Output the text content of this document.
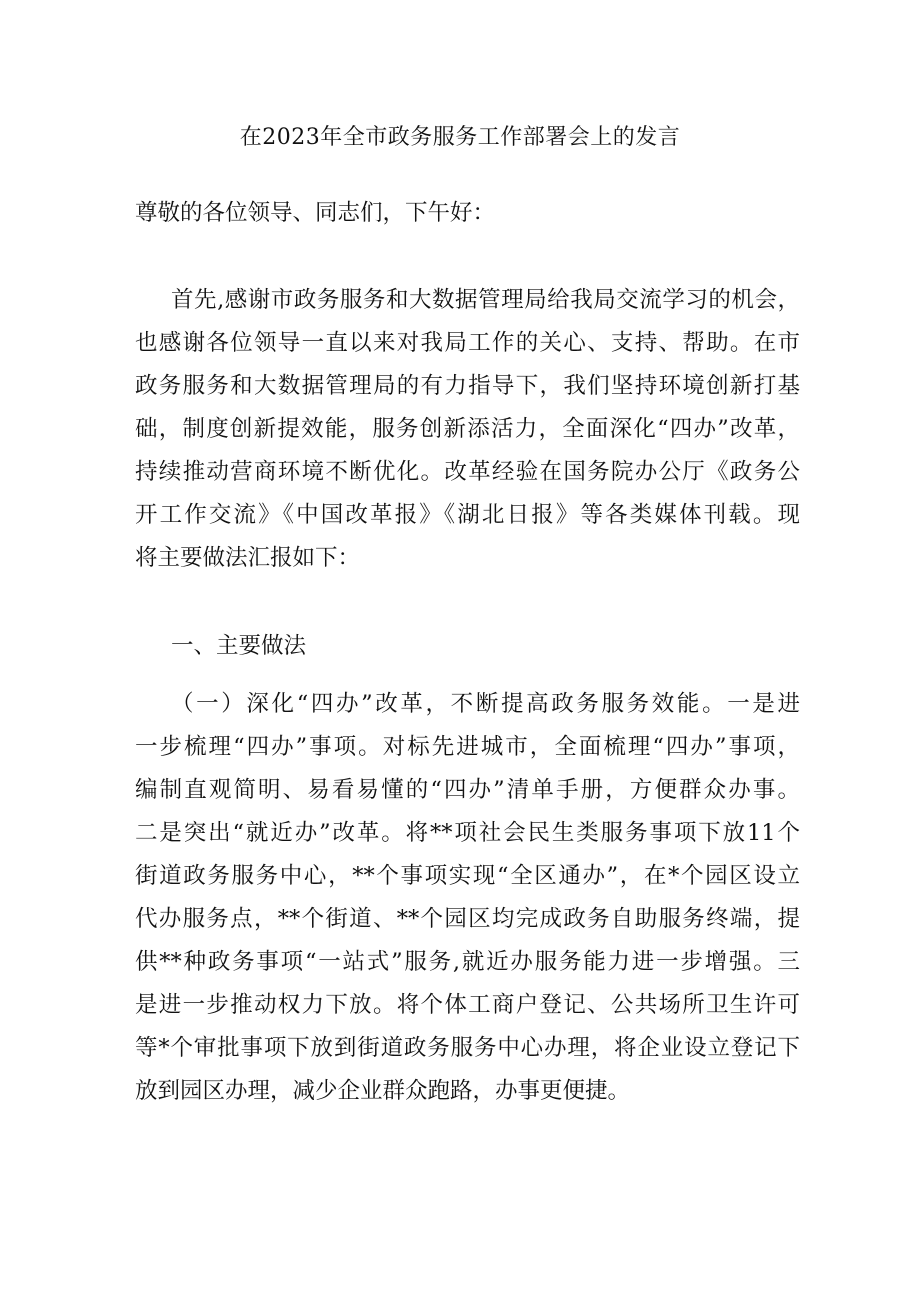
在2023年全市政务服务工作部署会上的发言
尊敬的各位领导、同志们，下午好：
首先,感谢市政务服务和大数据管理局给我局交流学习的机会，
也感谢各位领导一直以来对我局工作的关心、支持、帮助。在市
政务服务和大数据管理局的有力指导下，我们坚持环境创新打基
础，制度创新提效能，服务创新添活力，全面深化“四办”改革，
持续推动营商环境不断优化。改革经验在国务院办公厅《政务公
开工作交流》《中国改革报》《湖北日报》等各类媒体刊载。现
将主要做法汇报如下：
一、主要做法
（一）深化“四办”改革，不断提高政务服务效能。一是进
一步梳理“四办”事项。对标先进城市，全面梳理“四办”事项，
编制直观简明、易看易懂的“四办”清单手册，方便群众办事。
二是突出“就近办”改革。将**项社会民生类服务事项下放11个
街道政务服务中心，**个事项实现“全区通办”，在*个园区设立
代办服务点，**个街道、**个园区均完成政务自助服务终端，提
供**种政务事项“一站式”服务,就近办服务能力进一步增强。三
是进一步推动权力下放。将个体工商户登记、公共场所卫生许可
等*个审批事项下放到街道政务服务中心办理，将企业设立登记下
放到园区办理，减少企业群众跑路，办事更便捷。
